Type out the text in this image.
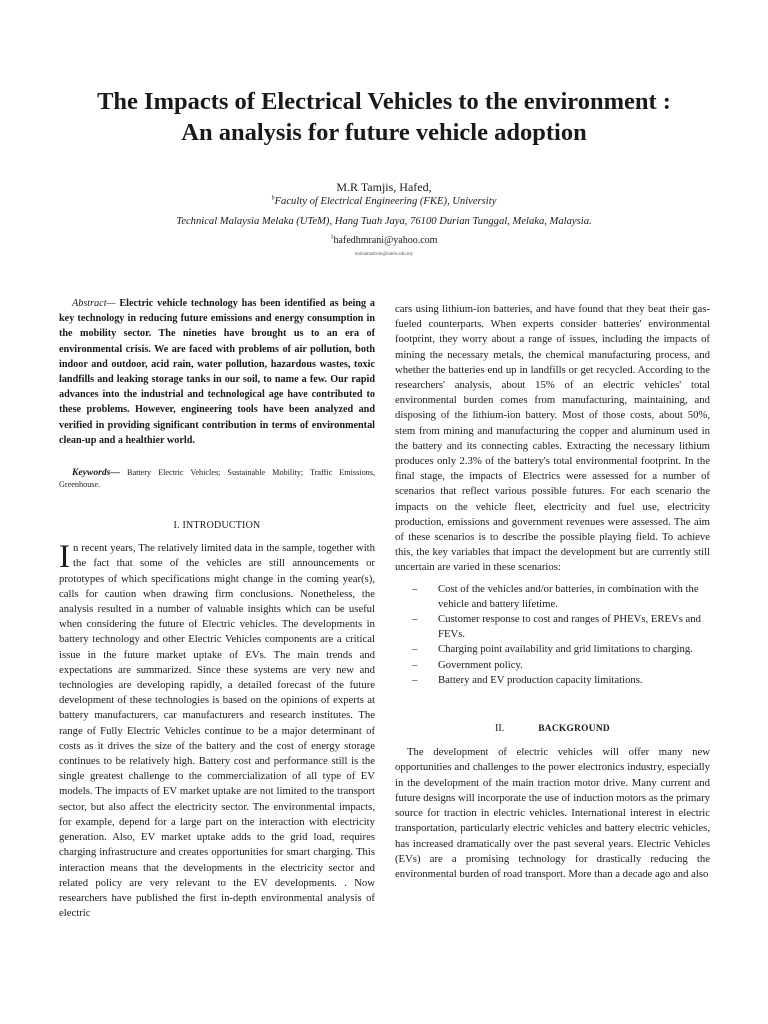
The Impacts of Electrical Vehicles to the environment :
An analysis for future vehicle adoption
M.R Tamjis, Hafed,
$^b$Faculty of Electrical Engineering (FKE), University
Technical Malaysia Melaka (UTeM), Hang Tuah Jaya, 76100 Durian Tunggal, Melaka, Malaysia.
$^1$hafedhmrani@yahoo.com
mohamadrom@utem.edu.my

Abstract— Electric vehicle technology has been identified as being a key technology in reducing future emissions and energy consumption in the mobility sector. The nineties have brought us to an era of environmental crisis. We are faced with problems of air pollution, both indoor and outdoor, acid rain, water pollution, hazardous wastes, toxic landfills and leaking storage tanks in our soil, to name a few. Our rapid advances into the industrial and technological age have contributed to these problems. However, engineering tools have been analyzed and verified in providing significant contribution in terms of environmental clean-up and a healthier world.

Keywords— Battery Electric Vehicles; Sustainable Mobility; Traffic Emissions, Greenhouse.

I. INTRODUCTION

In recent years, The relatively limited data in the sample, together with the fact that some of the vehicles are still announcements or prototypes of which specifications might change in the coming year(s), calls for caution when drawing firm conclusions. Nonetheless, the analysis resulted in a number of valuable insights which can be useful when considering the future of Electric vehicles. The developments in battery technology and other Electric Vehicles components are a critical issue in the future market uptake of EVs. The main trends and expectations are summarized. Since these systems are very new and technologies are developing rapidly, a detailed forecast of the future development of these technologies is based on the opinions of experts at battery manufacturers, car manufacturers and research institutes. The range of Fully Electric Vehicles continue to be a major determinant of costs as it drives the size of the battery and the cost of energy storage continues to be relatively high. Battery cost and performance still is the single greatest challenge to the commercialization of all type of EV models. The impacts of EV market uptake are not limited to the transport sector, but also affect the electricity sector. The environmental impacts, for example, depend for a large part on the interaction with electricity generation. Also, EV market uptake adds to the grid load, requires charging infrastructure and creates opportunities for smart charging. This interaction means that the developments in the electricity sector and related policy are very relevant to the EV developments. . Now researchers have published the first in-depth environmental analysis of electric

cars using lithium-ion batteries, and have found that they beat their gas-fueled counterparts. When experts consider batteries' environmental footprint, they worry about a range of issues, including the impacts of mining the necessary metals, the chemical manufacturing process, and whether the batteries end up in landfills or get recycled. According to the researchers' analysis, about 15% of an electric vehicles' total environmental burden comes from manufacturing, maintaining, and disposing of the lithium-ion battery. Most of those costs, about 50%, stem from mining and manufacturing the copper and aluminum used in the battery and its connecting cables. Extracting the necessary lithium produces only 2.3% of the battery's total environmental footprint. In the final stage, the impacts of Electrics were assessed for a number of scenarios that reflect various possible futures. For each scenario the impacts on the vehicle fleet, electricity and fuel use, electricity production, emissions and government revenues were assessed. The aim of these scenarios is to describe the possible playing field. To achieve this, the key variables that impact the development but are currently still uncertain are varied in these scenarios:

– Cost of the vehicles and/or batteries, in combination with the vehicle and battery lifetime.
– Customer response to cost and ranges of PHEVs, EREVs and FEVs.
– Charging point availability and grid limitations to charging.
– Government policy.
– Battery and EV production capacity limitations.
II.	BACKGROUND

The development of electric vehicles will offer many new opportunities and challenges to the power electronics industry, especially in the development of the main traction motor drive. Many current and future designs will incorporate the use of induction motors as the primary source for traction in electric vehicles. International interest in electric transportation, particularly electric vehicles and battery electric vehicles, has increased dramatically over the past several years. Electric Vehicles (EVs) are a promising technology for drastically reducing the environmental burden of road transport. More than a decade ago and also
